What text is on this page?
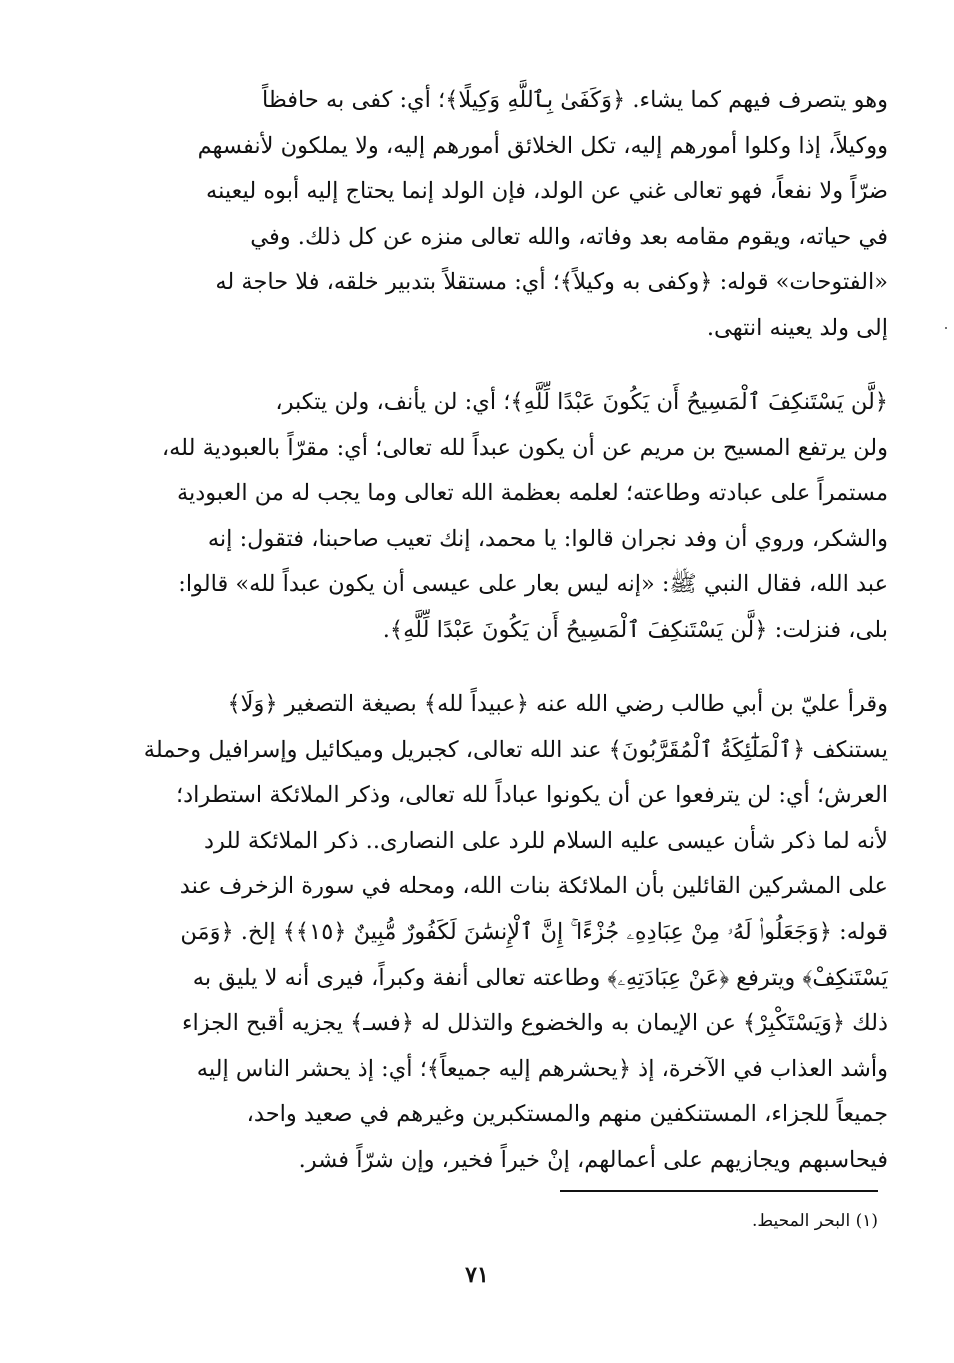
وهو يتصرف فيهم كما يشاء. ﴿وَكَفَىٰ بِٱللَّهِ وَكِيلًا﴾؛ أي: كفى به حافظاً
ووكيلاً، إذا وكلوا أمورهم إليه، تكل الخلائق أمورهم إليه، ولا يملكون لأنفسهم
ضرّاً ولا نفعاً، فهو تعالى غني عن الولد، فإن الولد إنما يحتاج إليه أبوه ليعينه
في حياته، ويقوم مقامه بعد وفاته، والله تعالى منزه عن كل ذلك. وفي
«الفتوحات» قوله: ﴿وكفى به وكيلاً﴾؛ أي: مستقلاً بتدبير خلقه، فلا حاجة له
إلى ولد يعينه انتهى.
﴿لَّن يَسْتَنكِفَ ٱلْمَسِيحُ أَن يَكُونَ عَبْدًا لِّلَّهِ﴾؛ أي: لن يأنف، ولن يتكبر،
ولن يرتفع المسيح بن مريم عن أن يكون عبداً لله تعالى؛ أي: مقرّاً بالعبودية لله،
مستمراً على عبادته وطاعته؛ لعلمه بعظمة الله تعالى وما يجب له من العبودية
والشكر، وروي أن وفد نجران قالوا: يا محمد، إنك تعيب صاحبنا، فتقول: إنه
عبد الله، فقال النبي ﷺ: «إنه ليس بعار على عيسى أن يكون عبداً لله» قالوا:
بلى، فنزلت: ﴿لَّن يَسْتَنكِفَ ٱلْمَسِيحُ أَن يَكُونَ عَبْدًا لِّلَّهِ﴾.
وقرأ عليّ بن أبي طالب رضي الله عنه ﴿عبيداً لله﴾ بصيغة التصغير ﴿وَلَا﴾
يستنكف ﴿ٱلْمَلَٰٓئِكَةُ ٱلْمُقَرَّبُونَ﴾ عند الله تعالى، كجبريل وميكائيل وإسرافيل وحملة
العرش؛ أي: لن يترفعوا عن أن يكونوا عباداً لله تعالى، وذكر الملائكة استطراد؛
لأنه لما ذكر شأن عيسى عليه السلام للرد على النصارى.. ذكر الملائكة للرد
على المشركين القائلين بأن الملائكة بنات الله، ومحله في سورة الزخرف عند
قوله: ﴿وَجَعَلُوا۟ لَهُۥ مِنْ عِبَادِهِۦ جُزْءًا ۚ إِنَّ ٱلْإِنسَٰنَ لَكَفُورٌ مُّبِينٌ ﴿١٥﴾﴾ إلخ. ﴿وَمَن
يَسْتَنكِفْ﴾ ويترفع ﴿عَنْ عِبَادَتِهِۦ﴾ وطاعته تعالى أنفة وكبراً، فيرى أنه لا يليق به
ذلك ﴿وَيَسْتَكْبِرْ﴾ عن الإيمان به والخضوع والتذلل له ﴿فسـ﴾ يجزيه أقبح الجزاء
وأشد العذاب في الآخرة، إذ ﴿يحشرهم إليه جميعاً﴾؛ أي: إذ يحشر الناس إليه
جميعاً للجزاء، المستنكفين منهم والمستكبرين وغيرهم في صعيد واحد،
فيحاسبهم ويجازيهم على أعمالهم، إنْ خيراً فخير، وإن شرّاً فشر.
(١) البحر المحيط.
٧١
